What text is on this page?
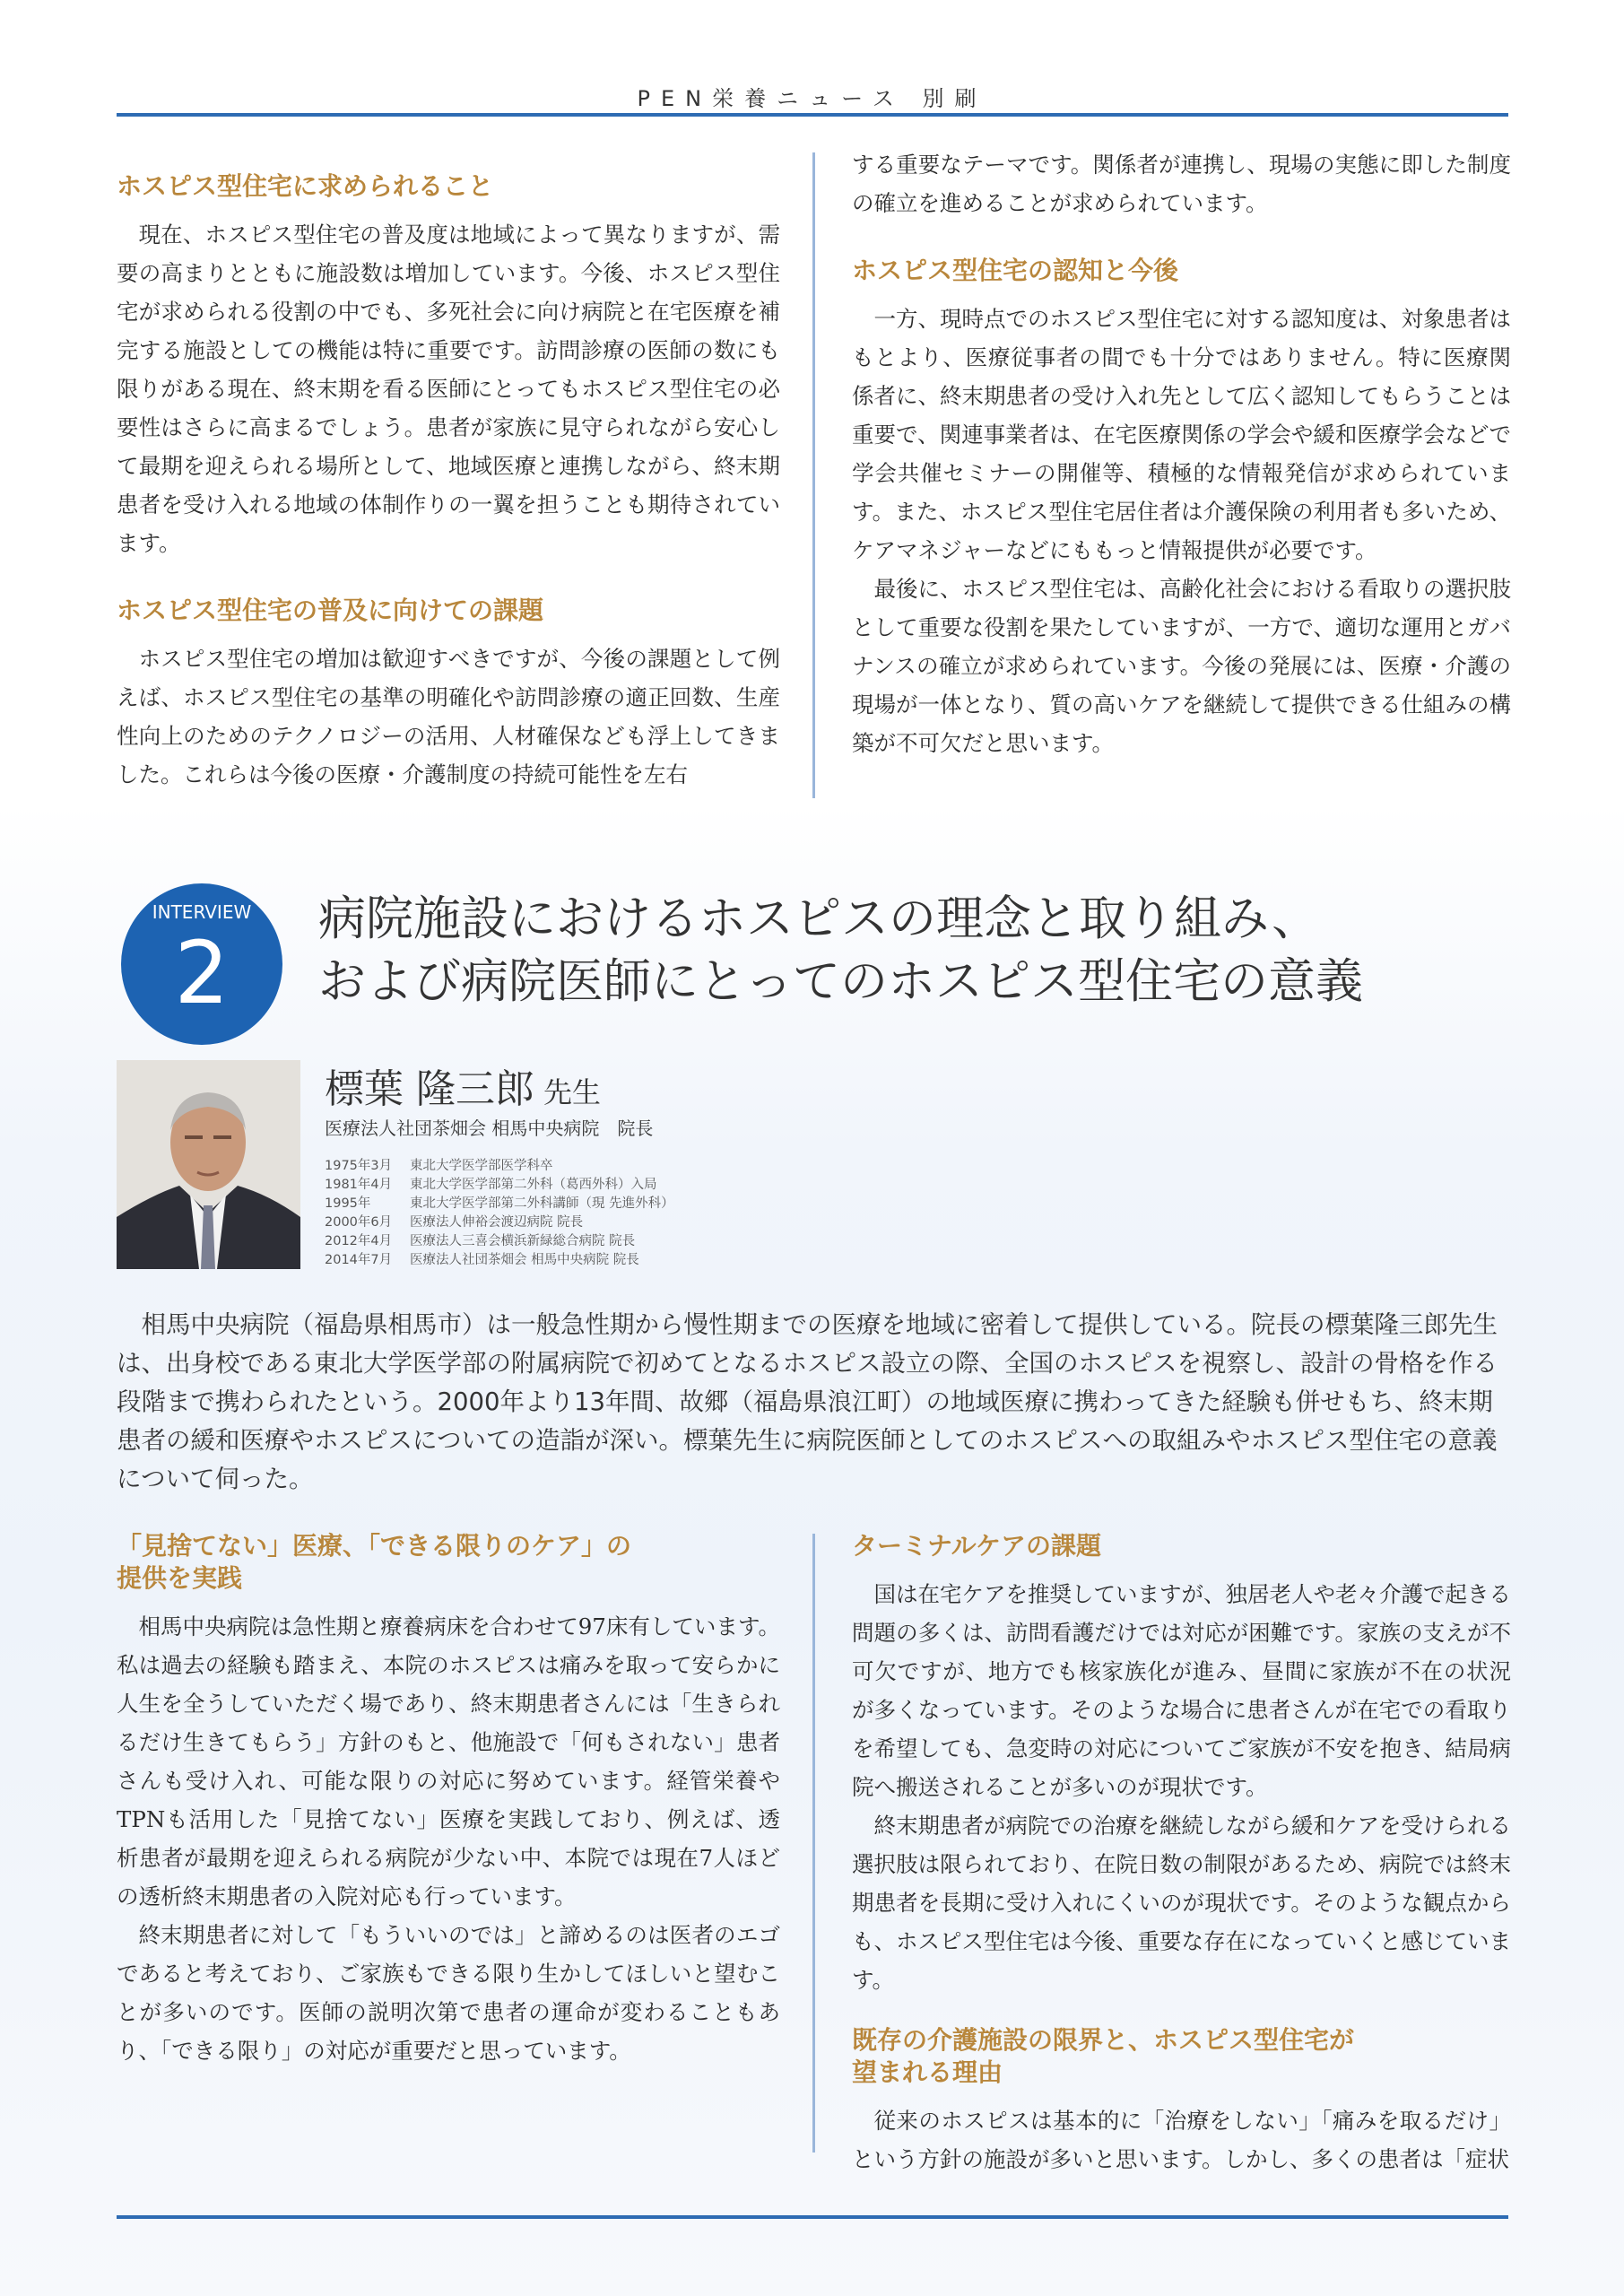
PEN栄養ニュース 別刷
ホスピス型住宅に求められること
現在、ホスピス型住宅の普及度は地域によって異なりますが、需要の高まりとともに施設数は増加しています。今後、ホスピス型住宅が求められる役割の中でも、多死社会に向け病院と在宅医療を補完する施設としての機能は特に重要です。訪問診療の医師の数にも限りがある現在、終末期を看る医師にとってもホスピス型住宅の必要性はさらに高まるでしょう。患者が家族に見守られながら安心して最期を迎えられる場所として、地域医療と連携しながら、終末期患者を受け入れる地域の体制作りの一翼を担うことも期待されています。
ホスピス型住宅の普及に向けての課題
ホスピス型住宅の増加は歓迎すべきですが、今後の課題として例えば、ホスピス型住宅の基準の明確化や訪問診療の適正回数、生産性向上のためのテクノロジーの活用、人材確保なども浮上してきました。これらは今後の医療・介護制度の持続可能性を左右
する重要なテーマです。関係者が連携し、現場の実態に即した制度の確立を進めることが求められています。
ホスピス型住宅の認知と今後
一方、現時点でのホスピス型住宅に対する認知度は、対象患者はもとより、医療従事者の間でも十分ではありません。特に医療関係者に、終末期患者の受け入れ先として広く認知してもらうことは重要で、関連事業者は、在宅医療関係の学会や緩和医療学会などで学会共催セミナーの開催等、積極的な情報発信が求められています。また、ホスピス型住宅居住者は介護保険の利用者も多いため、ケアマネジャーなどにももっと情報提供が必要です。
最後に、ホスピス型住宅は、高齢化社会における看取りの選択肢として重要な役割を果たしていますが、一方で、適切な運用とガバナンスの確立が求められています。今後の発展には、医療・介護の現場が一体となり、質の高いケアを継続して提供できる仕組みの構築が不可欠だと思います。
INTERVIEW
2
病院施設におけるホスピスの理念と取り組み、
および病院医師にとってのホスピス型住宅の意義
標葉 隆三郎 先生
医療法人社団茶畑会 相馬中央病院　院長
1975年3月 東北大学医学部医学科卒
1981年4月 東北大学医学部第二外科（葛西外科）入局
1995年	東北大学医学部第二外科講師（現 先進外科）
2000年6月 医療法人伸裕会渡辺病院 院長
2012年4月 医療法人三喜会横浜新緑総合病院 院長
2014年7月 医療法人社団茶畑会 相馬中央病院 院長
相馬中央病院（福島県相馬市）は一般急性期から慢性期までの医療を地域に密着して提供している。院長の標葉隆三郎先生は、出身校である東北大学医学部の附属病院で初めてとなるホスピス設立の際、全国のホスピスを視察し、設計の骨格を作る段階まで携わられたという。2000年より13年間、故郷（福島県浪江町）の地域医療に携わってきた経験も併せもち、終末期患者の緩和医療やホスピスについての造詣が深い。標葉先生に病院医師としてのホスピスへの取組みやホスピス型住宅の意義について伺った。
「見捨てない」医療、「できる限りのケア」の
提供を実践
相馬中央病院は急性期と療養病床を合わせて97床有しています。私は過去の経験も踏まえ、本院のホスピスは痛みを取って安らかに人生を全うしていただく場であり、終末期患者さんには「生きられるだけ生きてもらう」方針のもと、他施設で「何もされない」患者さんも受け入れ、可能な限りの対応に努めています。経管栄養やTPNも活用した「見捨てない」医療を実践しており、例えば、透析患者が最期を迎えられる病院が少ない中、本院では現在7人ほどの透析終末期患者の入院対応も行っています。
終末期患者に対して「もういいのでは」と諦めるのは医者のエゴであると考えており、ご家族もできる限り生かしてほしいと望むことが多いのです。医師の説明次第で患者の運命が変わることもあり、「できる限り」の対応が重要だと思っています。
ターミナルケアの課題
国は在宅ケアを推奨していますが、独居老人や老々介護で起きる問題の多くは、訪問看護だけでは対応が困難です。家族の支えが不可欠ですが、地方でも核家族化が進み、昼間に家族が不在の状況が多くなっています。そのような場合に患者さんが在宅での看取りを希望しても、急変時の対応についてご家族が不安を抱き、結局病院へ搬送されることが多いのが現状です。
終末期患者が病院での治療を継続しながら緩和ケアを受けられる選択肢は限られており、在院日数の制限があるため、病院では終末期患者を長期に受け入れにくいのが現状です。そのような観点からも、ホスピス型住宅は今後、重要な存在になっていくと感じています。
既存の介護施設の限界と、ホスピス型住宅が
望まれる理由
従来のホスピスは基本的に「治療をしない」「痛みを取るだけ」という方針の施設が多いと思います。しかし、多くの患者は「症状
